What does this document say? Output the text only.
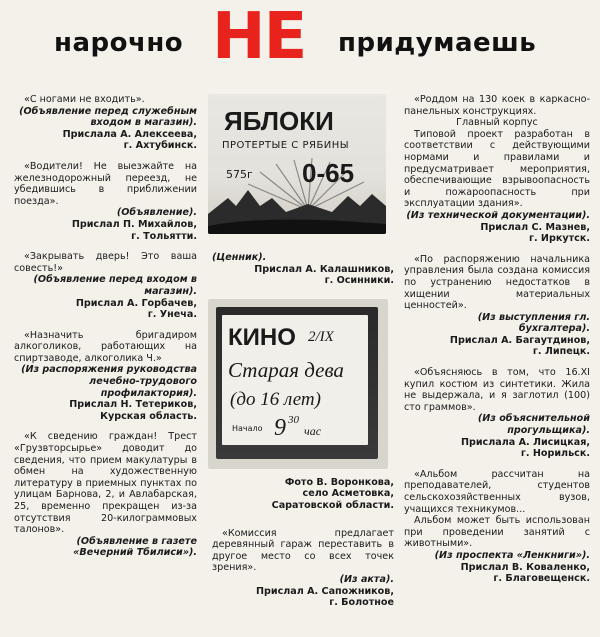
нарочно НЕ	придумаешь
«С ногами не входить».
(Объявление перед служебным входом в магазин).
Прислала А. Алексеева,
г. Ахтубинск.
«Водители! Не выезжайте на железнодорожный переезд, не убедившись в приближении поезда».
(Объявление).
Прислал П. Михайлов,
г. Тольятти.
«Закрывать дверь! Это ваша совесть!»
(Объявление перед входом в магазин).
Прислал А. Горбачев,
г. Унеча.
«Назначить бригадиром алкоголиков, работающих на спиртзаводе, алкоголика Ч.»
(Из распоряжения руководства лечебно-трудового профилактория).
Прислал Н. Тетериков,
Курская область.
«К сведению граждан! Трест «Грузвторсырье» доводит до сведения, что прием макулатуры в обмен на художественную литературу в приемных пунктах по улицам Барнова, 2, и Авлабарская, 25, временно прекращен из-за отсутствия 20-килограммовых талонов».
(Объявление в газете «Вечерний Тбилиси»).
ЯБЛОКИ
ПРОТЕРТЫЕ С РЯБИНЫ
575г 0-65
(Ценник).
Прислал А. Калашников,
г. Осинники.
КИНО 2/IX
Старая дева
(до 16 лет)
Начало 9 30
час
Фото В. Воронкова,
село Асметовка,
Саратовской области.
«Комиссия предлагает деревянный гараж переставить в другое место со всех точек зрения».
(Из акта).
Прислал А. Сапожников,
г. Болотное
«Роддом на 130 коек в каркасно-панельных конструкциях.
Главный корпус
Типовой проект разработан в соответствии с действующими нормами и правилами и предусматривает мероприятия, обеспечивающие взрывоопасность и пожароопасность при эксплуатации здания».
(Из технической документации).
Прислал С. Мазнев,
г. Иркутск.
«По распоряжению начальника управления была создана комиссия по устранению недостатков в хищении материальных ценностей».
(Из выступления гл. бухгалтера).
Прислал А. Багаутдинов,
г. Липецк.
«Объясняюсь в том, что 16.XI купил костюм из синтетики. Жила не выдержала, и я заглотил (100) сто граммов».
(Из объяснительной прогульщика).
Прислала А. Лисицкая,
г. Норильск.
«Альбом рассчитан на преподавателей, студентов сельскохозяйственных вузов, учащихся техникумов...
Альбом может быть использован при проведении занятий с животными».
(Из проспекта «Ленкниги»).
Прислал В. Коваленко,
г. Благовещенск.
